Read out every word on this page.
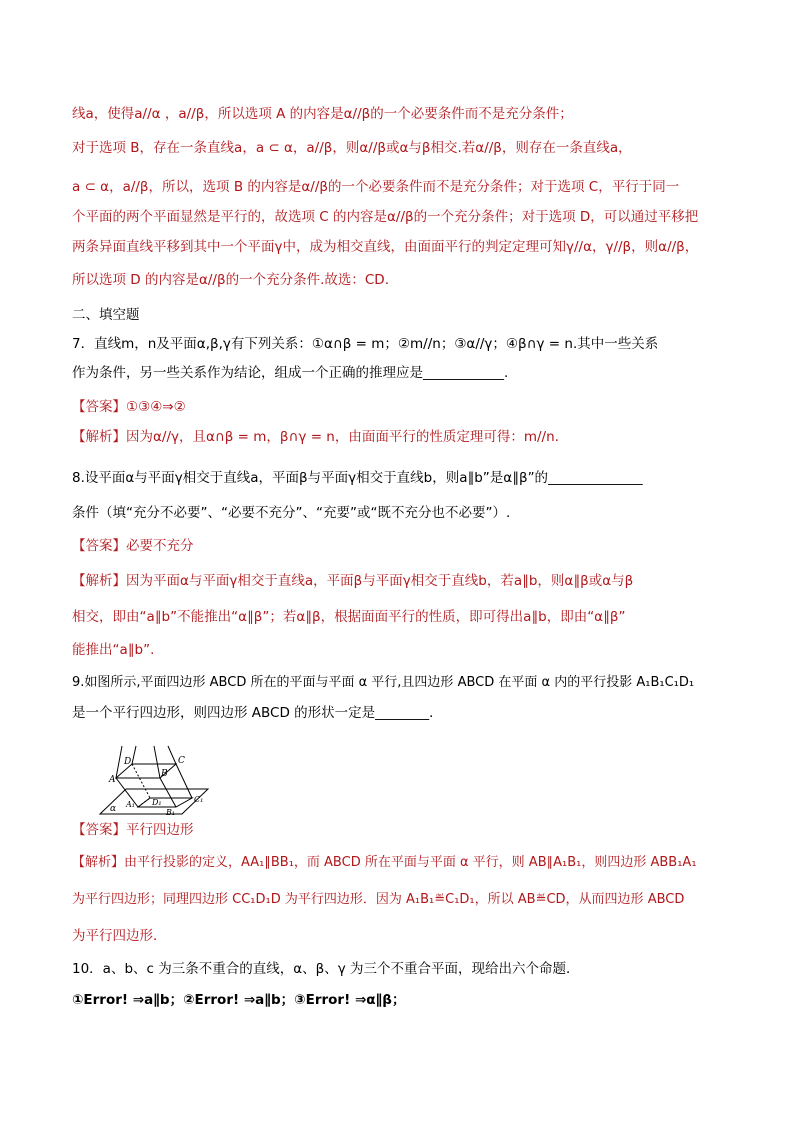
线a，使得a//α ，a//β，所以选项 A 的内容是α//β的一个必要条件而不是充分条件；
对于选项 B，存在一条直线a，a ⊂ α，a//β，则α//β或α与β相交.若α//β，则存在一条直线a，
a ⊂ α，a//β，所以，选项 B 的内容是α//β的一个必要条件而不是充分条件；对于选项 C，平行于同一
个平面的两个平面显然是平行的，故选项 C 的内容是α//β的一个充分条件；对于选项 D，可以通过平移把
两条异面直线平移到其中一个平面γ中，成为相交直线，由面面平行的判定定理可知γ//α，γ//β，则α//β，
所以选项 D 的内容是α//β的一个充分条件.故选：CD.
二、填空题
7．直线m，n及平面α,β,γ有下列关系：①α∩β = m；②m//n；③α//γ；④β∩γ = n.其中一些关系
作为条件，另一些关系作为结论，组成一个正确的推理应是____________.
【答案】①③④⇒②
【解析】因为α//γ，且α∩β = m，β∩γ = n，由面面平行的性质定理可得：m//n.
8.设平面α与平面γ相交于直线a，平面β与平面γ相交于直线b，则a∥b”是α∥β”的______________
条件（填“充分不必要”、“必要不充分”、“充要”或“既不充分也不必要”）.
【答案】必要不充分
【解析】因为平面α与平面γ相交于直线a，平面β与平面γ相交于直线b，若a∥b，则α∥β或α与β
相交，即由“a∥b”不能推出“α∥β”；若α∥β，根据面面平行的性质，即可得出a∥b，即由“α∥β”
能推出“a∥b”.
9.如图所示,平面四边形 ABCD 所在的平面与平面 α 平行,且四边形 ABCD 在平面 α 内的平行投影 A₁B₁C₁D₁
是一个平行四边形，则四边形 ABCD 的形状一定是________．
D	C
A
B
α A₁ D₁	C₁
B₁
【答案】平行四边形
【解析】由平行投影的定义，AA₁∥BB₁，而 ABCD 所在平面与平面 α 平行，则 AB∥A₁B₁，则四边形 ABB₁A₁
为平行四边形；同理四边形 CC₁D₁D 为平行四边形．因为 A₁B₁≝C₁D₁，所以 AB≝CD，从而四边形 ABCD
为平行四边形．
10．a、b、c 为三条不重合的直线，α、β、γ 为三个不重合平面，现给出六个命题．
①Error! ⇒a∥b；②Error! ⇒a∥b；③Error! ⇒α∥β；
